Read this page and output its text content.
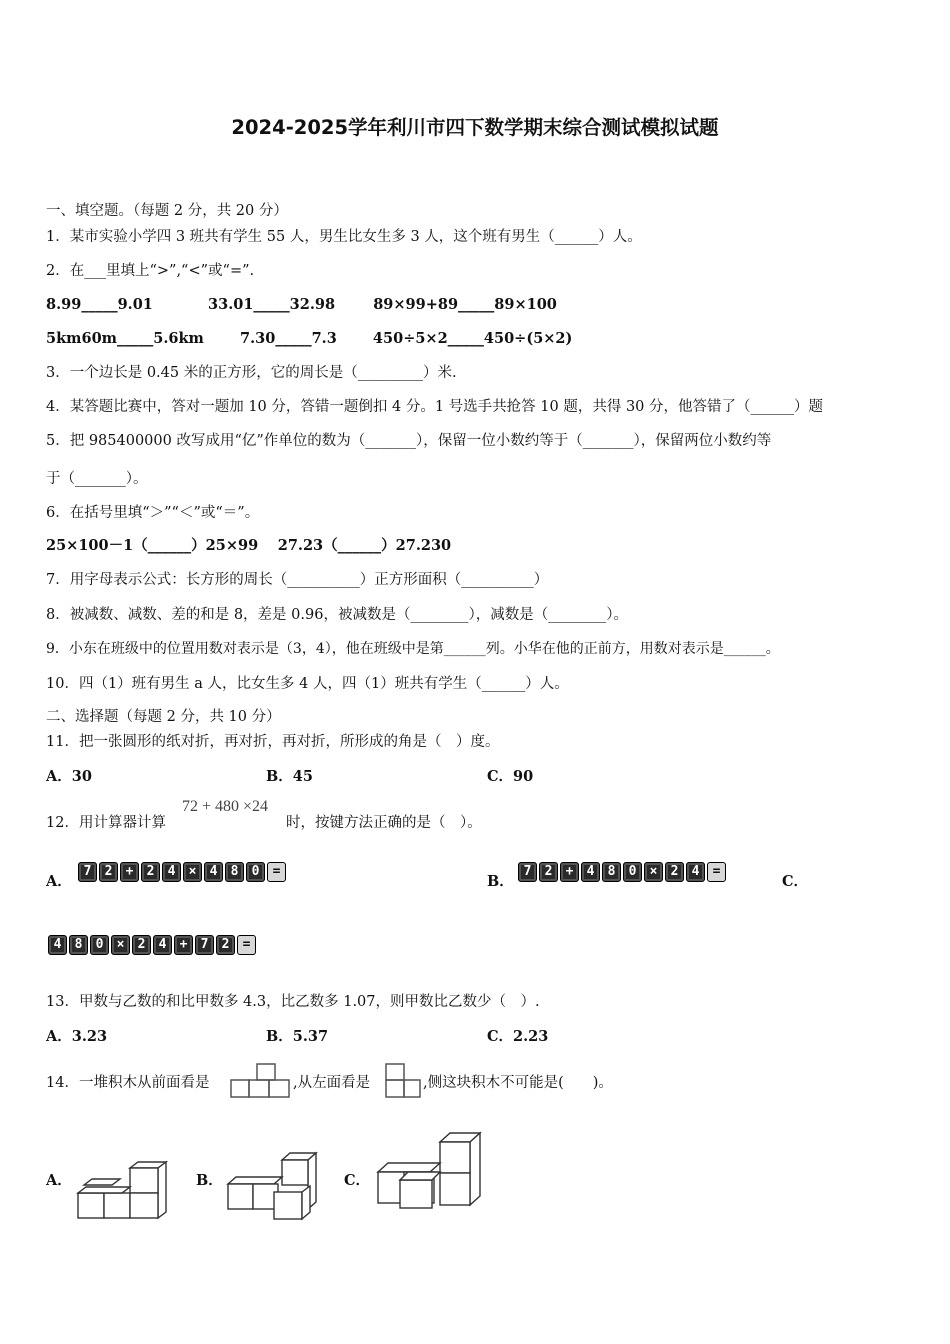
2024-2025学年利川市四下数学期末综合测试模拟试题
一、填空题。（每题 2 分，共 20 分）
1．某市实验小学四 3 班共有学生 55 人，男生比女生多 3 人，这个班有男生（______）人。
2．在___里填上“>”,“<”或“=”.
8.99_____9.01	33.01_____32.98	89×99+89_____89×100
5km60m_____5.6km 7.30_____7.3 450÷5×2_____450÷(5×2)
3．一个边长是 0.45 米的正方形，它的周长是（_________）米.
4．某答题比赛中，答对一题加 10 分，答错一题倒扣 4 分。1 号选手共抢答 10 题，共得 30 分，他答错了（______）题
5．把 985400000 改写成用“亿”作单位的数为（_______），保留一位小数约等于（_______），保留两位小数约等
于（_______）。
6．在括号里填“＞”“＜”或“＝”。
25×100－1（______）25×99　 27.23（______）27.230
7．用字母表示公式：长方形的周长（__________）正方形面积（__________）
8．被减数、减数、差的和是 8，差是 0.96，被减数是（________），减数是（________）。
9．小东在班级中的位置用数对表示是（3，4），他在班级中是第______列。小华在他的正前方，用数对表示是______。
10．四（1）班有男生 a 人，比女生多 4 人，四（1）班共有学生（______）人。
二、选择题（每题 2 分，共 10 分）
11．把一张圆形的纸对折，再对折，再对折，所形成的角是（　）度。
A．30	B．45	C．90
12．用计算器计算
72 + 480 ×24
时，按键方法正确的是（　）。
A．
7	2	+	2	4	×	4	8	0	=
B．
7	2	+	4	8	0	×	2	4	=
C．
4	8	0	×	2	4	+	7	2	=
13．甲数与乙数的和比甲数多 4.3，比乙数多 1.07，则甲数比乙数少（　）.
A．3.23	B．5.37	C．2.23
14．一堆积木从前面看是	,从左面看是	,侧这块积木不可能是(　　)。
A．	B．	C．
